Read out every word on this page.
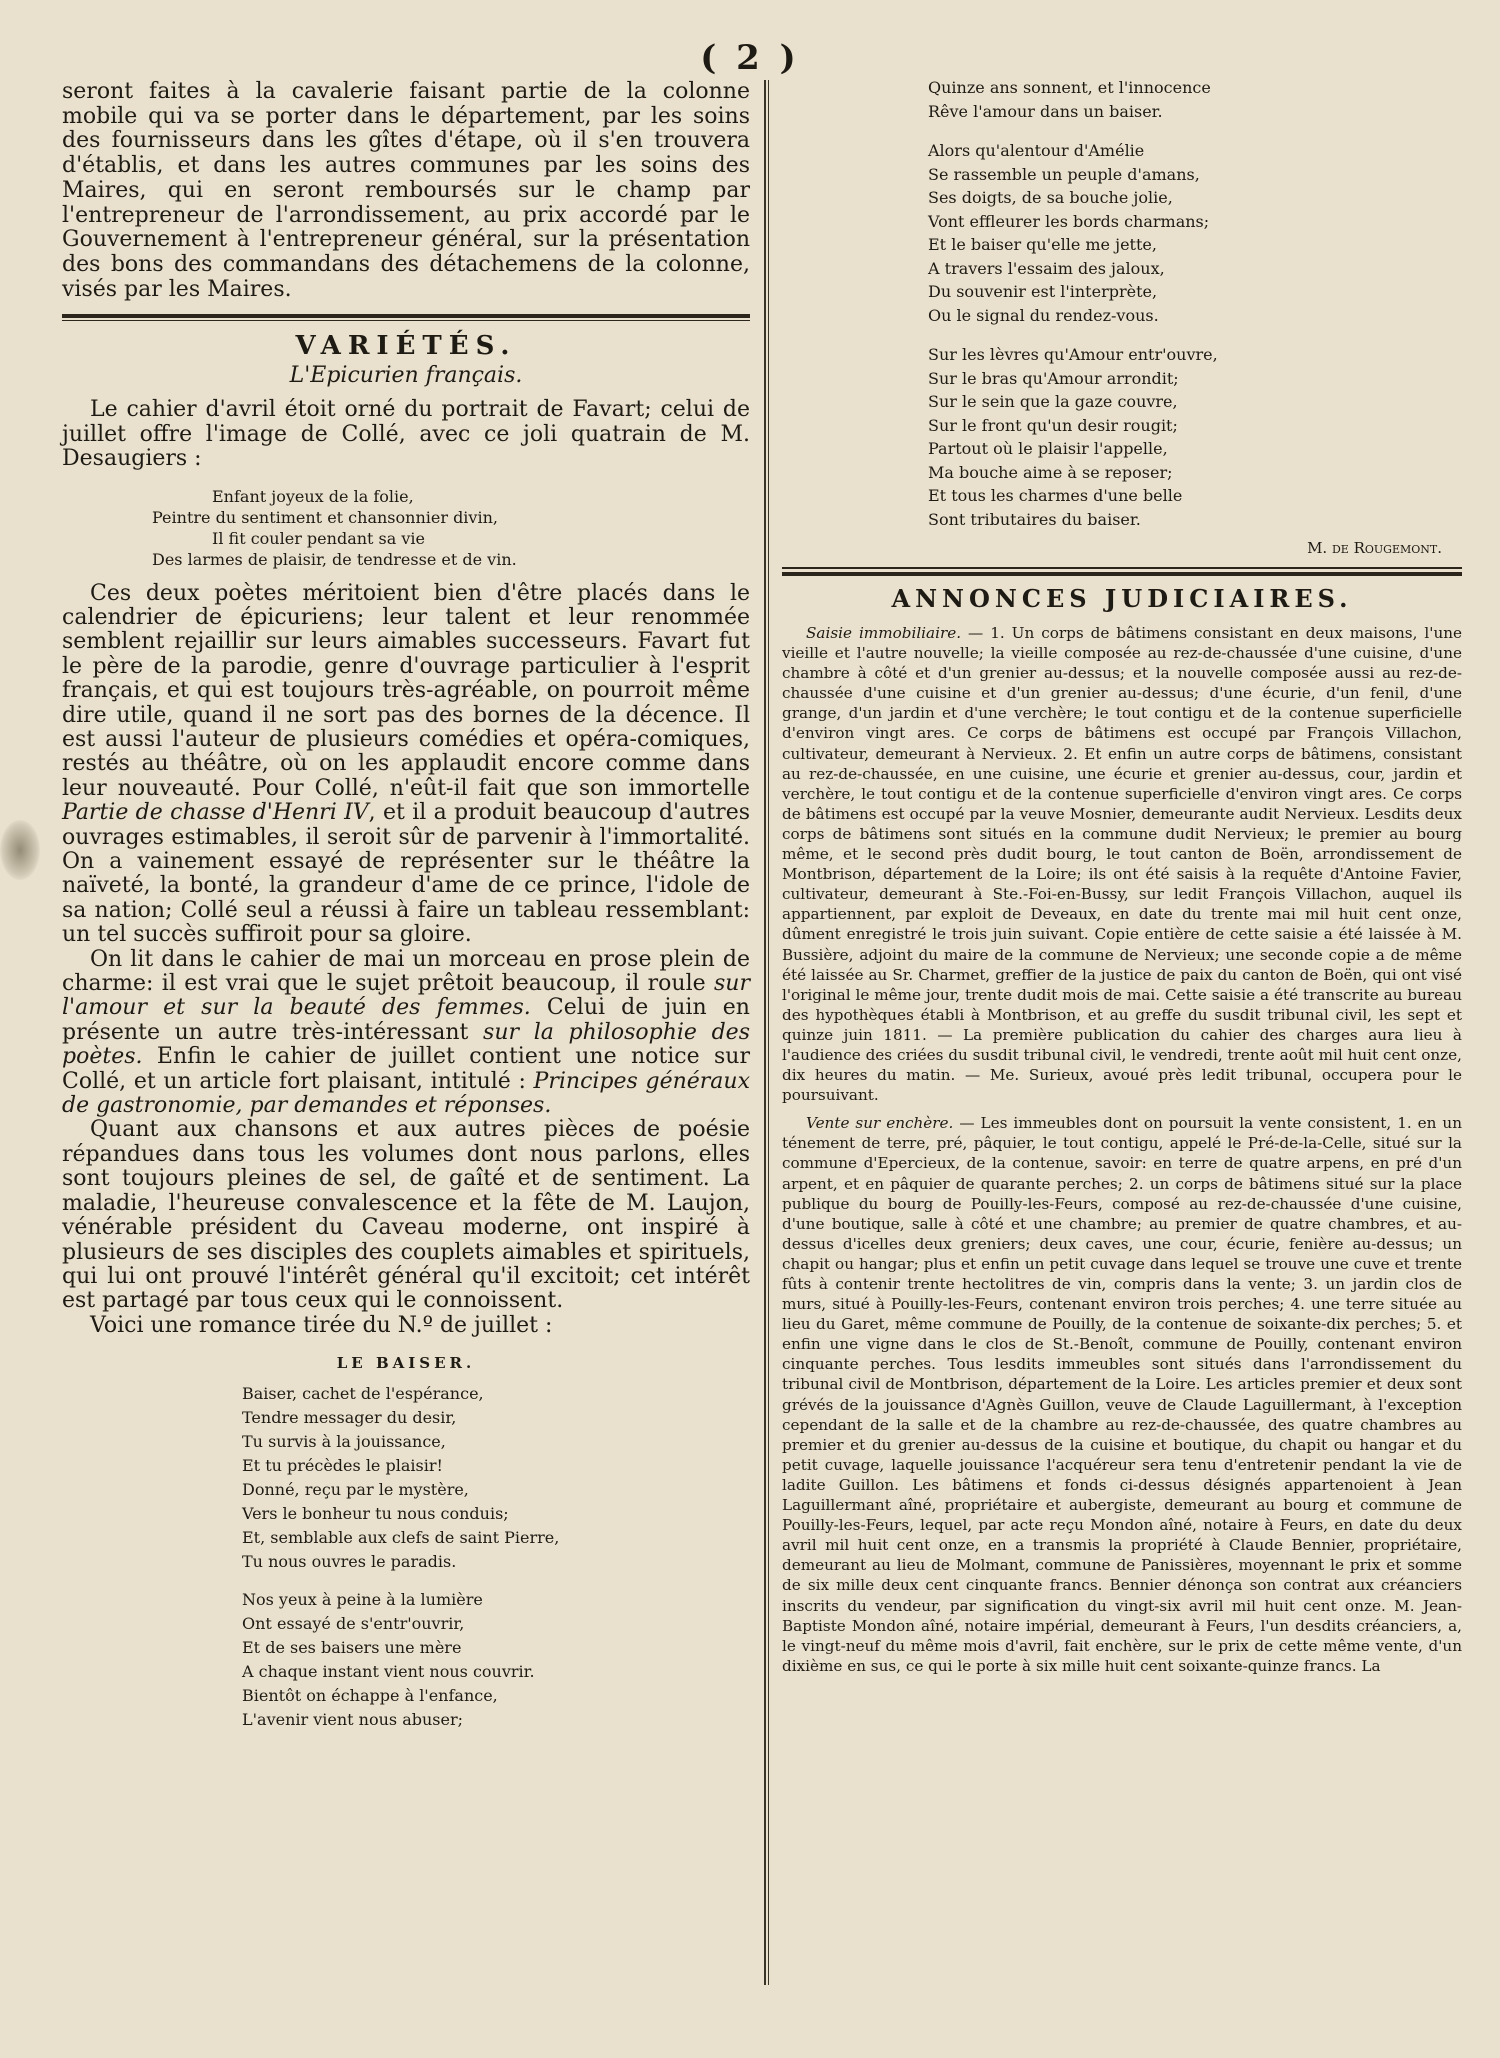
( 2 )

seront faites à la cavalerie faisant partie de la colonne mobile qui va se porter dans le département, par les soins des fournisseurs dans les gîtes d'étape, où il s'en trouvera d'établis, et dans les autres communes par les soins des Maires, qui en seront remboursés sur le champ par l'entrepreneur de l'arrondissement, au prix accordé par le Gouvernement à l'entrepreneur général, sur la présentation des bons des commandans des détachemens de la colonne, visés par les Maires.

VARIÉTÉS.
L'Epicurien français.

Le cahier d'avril étoit orné du portrait de Favart; celui de juillet offre l'image de Collé, avec ce joli quatrain de M. Desaugiers :

Enfant joyeux de la folie,
Peintre du sentiment et chansonnier divin,
Il fit couler pendant sa vie
Des larmes de plaisir, de tendresse et de vin.

Ces deux poètes méritoient bien d'être placés dans le calendrier de épicuriens; leur talent et leur renommée semblent rejaillir sur leurs aimables successeurs. Favart fut le père de la parodie, genre d'ouvrage particulier à l'esprit français, et qui est toujours très-agréable, on pourroit même dire utile, quand il ne sort pas des bornes de la décence. Il est aussi l'auteur de plusieurs comédies et opéra-comiques, restés au théâtre, où on les applaudit encore comme dans leur nouveauté. Pour Collé, n'eût-il fait que son immortelle Partie de chasse d'Henri IV, et il a produit beaucoup d'autres ouvrages estimables, il seroit sûr de parvenir à l'immortalité. On a vainement essayé de représenter sur le théâtre la naïveté, la bonté, la grandeur d'ame de ce prince, l'idole de sa nation; Collé seul a réussi à faire un tableau ressemblant: un tel succès suffiroit pour sa gloire.

On lit dans le cahier de mai un morceau en prose plein de charme: il est vrai que le sujet prêtoit beaucoup, il roule sur l'amour et sur la beauté des femmes. Celui de juin en présente un autre très-intéressant sur la philosophie des poètes. Enfin le cahier de juillet contient une notice sur Collé, et un article fort plaisant, intitulé : Principes généraux de gastronomie, par demandes et réponses.

Quant aux chansons et aux autres pièces de poésie répandues dans tous les volumes dont nous parlons, elles sont toujours pleines de sel, de gaîté et de sentiment. La maladie, l'heureuse convalescence et la fête de M. Laujon, vénérable président du Caveau moderne, ont inspiré à plusieurs de ses disciples des couplets aimables et spirituels, qui lui ont prouvé l'intérêt général qu'il excitoit; cet intérêt est partagé par tous ceux qui le connoissent.

Voici une romance tirée du N.º de juillet :

LE BAISER.
Baiser, cachet de l'espérance,
Tendre messager du desir,
Tu survis à la jouissance,
Et tu précèdes le plaisir!
Donné, reçu par le mystère,
Vers le bonheur tu nous conduis;
Et, semblable aux clefs de saint Pierre,
Tu nous ouvres le paradis.
Nos yeux à peine à la lumière
Ont essayé de s'entr'ouvrir,
Et de ses baisers une mère
A chaque instant vient nous couvrir.
Bientôt on échappe à l'enfance,
L'avenir vient nous abuser;
Quinze ans sonnent, et l'innocence
Rêve l'amour dans un baiser.
Alors qu'alentour d'Amélie
Se rassemble un peuple d'amans,
Ses doigts, de sa bouche jolie,
Vont effleurer les bords charmans;
Et le baiser qu'elle me jette,
A travers l'essaim des jaloux,
Du souvenir est l'interprète,
Ou le signal du rendez-vous.
Sur les lèvres qu'Amour entr'ouvre,
Sur le bras qu'Amour arrondit;
Sur le sein que la gaze couvre,
Sur le front qu'un desir rougit;
Partout où le plaisir l'appelle,
Ma bouche aime à se reposer;
Et tous les charmes d'une belle
Sont tributaires du baiser.
M. de Rougemont.
ANNONCES JUDICIAIRES.

Saisie immobiliaire. — 1. Un corps de bâtimens consistant en deux maisons, l'une vieille et l'autre nouvelle; la vieille composée au rez-de-chaussée d'une cuisine, d'une chambre à côté et d'un grenier au-dessus; et la nouvelle composée aussi au rez-de-chaussée d'une cuisine et d'un grenier au-dessus; d'une écurie, d'un fenil, d'une grange, d'un jardin et d'une verchère; le tout contigu et de la contenue superficielle d'environ vingt ares. Ce corps de bâtimens est occupé par François Villachon, cultivateur, demeurant à Nervieux. 2. Et enfin un autre corps de bâtimens, consistant au rez-de-chaussée, en une cuisine, une écurie et grenier au-dessus, cour, jardin et verchère, le tout contigu et de la contenue superficielle d'environ vingt ares. Ce corps de bâtimens est occupé par la veuve Mosnier, demeurante audit Nervieux. Lesdits deux corps de bâtimens sont situés en la commune dudit Nervieux; le premier au bourg même, et le second près dudit bourg, le tout canton de Boën, arrondissement de Montbrison, département de la Loire; ils ont été saisis à la requête d'Antoine Favier, cultivateur, demeurant à Ste.-Foi-en-Bussy, sur ledit François Villachon, auquel ils appartiennent, par exploit de Deveaux, en date du trente mai mil huit cent onze, dûment enregistré le trois juin suivant. Copie entière de cette saisie a été laissée à M. Bussière, adjoint du maire de la commune de Nervieux; une seconde copie a de même été laissée au Sr. Charmet, greffier de la justice de paix du canton de Boën, qui ont visé l'original le même jour, trente dudit mois de mai. Cette saisie a été transcrite au bureau des hypothèques établi à Montbrison, et au greffe du susdit tribunal civil, les sept et quinze juin 1811. — La première publication du cahier des charges aura lieu à l'audience des criées du susdit tribunal civil, le vendredi, trente août mil huit cent onze, dix heures du matin. — Me. Surieux, avoué près ledit tribunal, occupera pour le poursuivant.

Vente sur enchère. — Les immeubles dont on poursuit la vente consistent, 1. en un ténement de terre, pré, pâquier, le tout contigu, appelé le Pré-de-la-Celle, situé sur la commune d'Epercieux, de la contenue, savoir: en terre de quatre arpens, en pré d'un arpent, et en pâquier de quarante perches; 2. un corps de bâtimens situé sur la place publique du bourg de Pouilly-les-Feurs, composé au rez-de-chaussée d'une cuisine, d'une boutique, salle à côté et une chambre; au premier de quatre chambres, et au-dessus d'icelles deux greniers; deux caves, une cour, écurie, fenière au-dessus; un chapit ou hangar; plus et enfin un petit cuvage dans lequel se trouve une cuve et trente fûts à contenir trente hectolitres de vin, compris dans la vente; 3. un jardin clos de murs, situé à Pouilly-les-Feurs, contenant environ trois perches; 4. une terre située au lieu du Garet, même commune de Pouilly, de la contenue de soixante-dix perches; 5. et enfin une vigne dans le clos de St.-Benoît, commune de Pouilly, contenant environ cinquante perches. Tous lesdits immeubles sont situés dans l'arrondissement du tribunal civil de Montbrison, département de la Loire. Les articles premier et deux sont grévés de la jouissance d'Agnès Guillon, veuve de Claude Laguillermant, à l'exception cependant de la salle et de la chambre au rez-de-chaussée, des quatre chambres au premier et du grenier au-dessus de la cuisine et boutique, du chapit ou hangar et du petit cuvage, laquelle jouissance l'acquéreur sera tenu d'entretenir pendant la vie de ladite Guillon. Les bâtimens et fonds ci-dessus désignés appartenoient à Jean Laguillermant aîné, propriétaire et aubergiste, demeurant au bourg et commune de Pouilly-les-Feurs, lequel, par acte reçu Mondon aîné, notaire à Feurs, en date du deux avril mil huit cent onze, en a transmis la propriété à Claude Bennier, propriétaire, demeurant au lieu de Molmant, commune de Panissières, moyennant le prix et somme de six mille deux cent cinquante francs. Bennier dénonça son contrat aux créanciers inscrits du vendeur, par signification du vingt-six avril mil huit cent onze. M. Jean-Baptiste Mondon aîné, notaire impérial, demeurant à Feurs, l'un desdits créanciers, a, le vingt-neuf du même mois d'avril, fait enchère, sur le prix de cette même vente, d'un dixième en sus, ce qui le porte à six mille huit cent soixante-quinze francs. La
